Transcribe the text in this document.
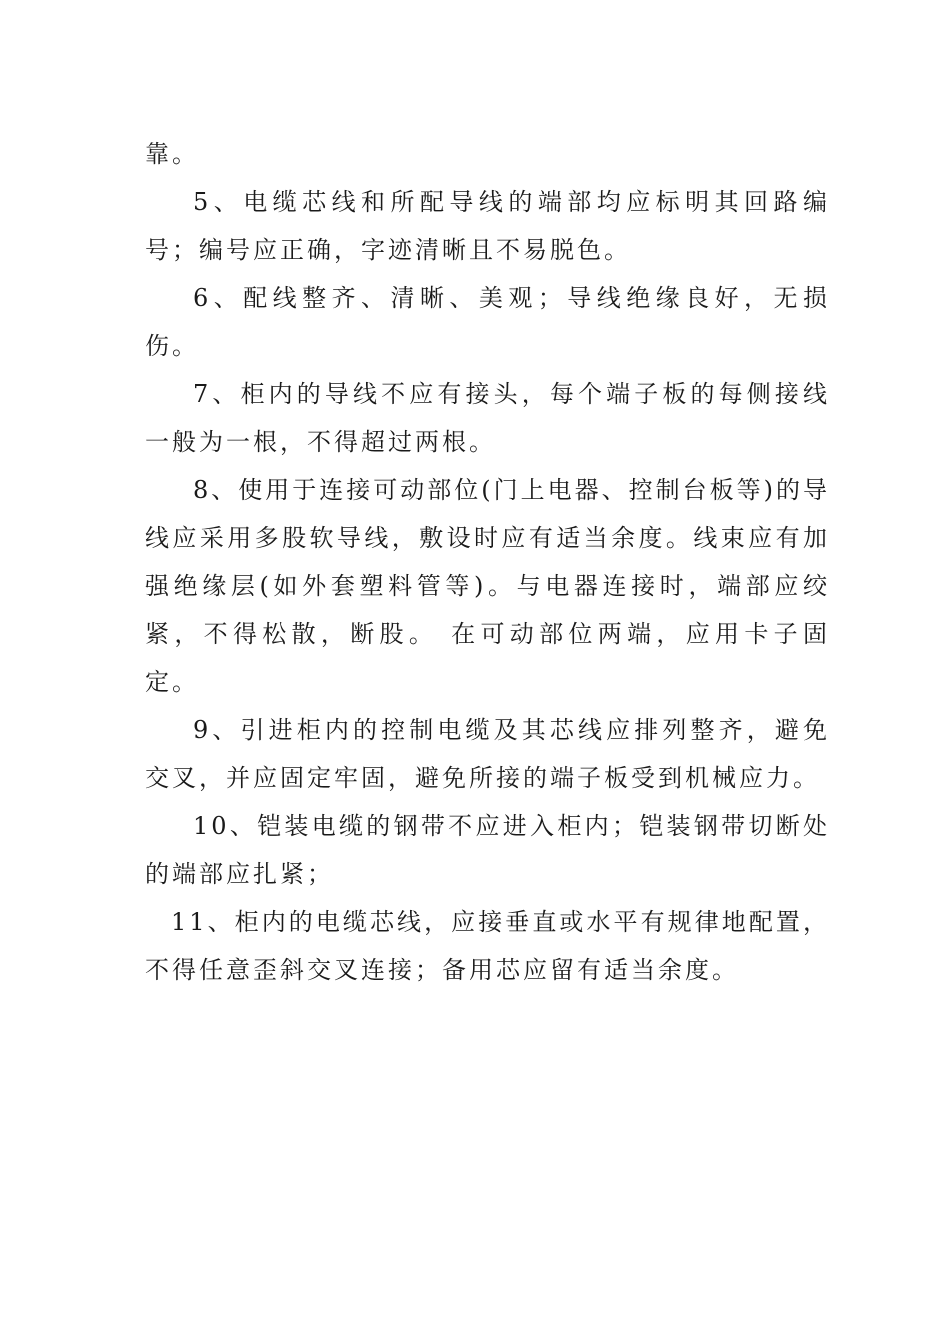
靠。

5、电缆芯线和所配导线的端部均应标明其回路编号；编号应正确，字迹清晰且不易脱色。

6、配线整齐、清晰、美观；导线绝缘良好，无损伤。

7、柜内的导线不应有接头，每个端子板的每侧接线一般为一根，不得超过两根。

8、使用于连接可动部位(门上电器、控制台板等)的导线应采用多股软导线，敷设时应有适当余度。线束应有加强绝缘层(如外套塑料管等)。与电器连接时，端部应绞紧，不得松散，断股。 在可动部位两端，应用卡子固定。

9、引进柜内的控制电缆及其芯线应排列整齐，避免交叉，并应固定牢固，避免所接的端子板受到机械应力。

10、铠装电缆的钢带不应进入柜内；铠装钢带切断处的端部应扎紧；

11、柜内的电缆芯线，应接垂直或水平有规律地配置，不得任意歪斜交叉连接；备用芯应留有适当余度。
